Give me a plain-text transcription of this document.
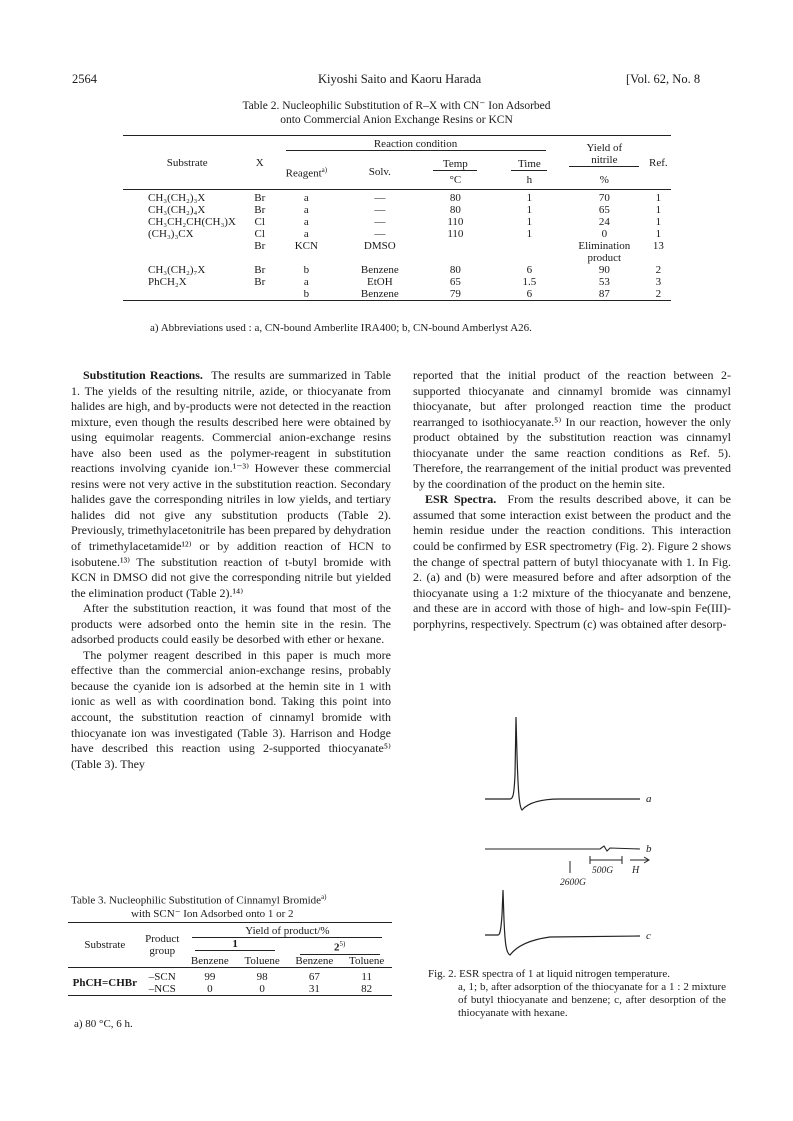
2564	Kiyoshi Saito and Kaoru Harada	[Vol. 62, No. 8
Table 2. Nucleophilic Substitution of R–X with CN⁻ Ion Adsorbed
onto Commercial Anion Exchange Resins or KCN
Substrate	X	Reaction condition				Yield of	Ref.
		Reagent$^{a)}$	Solv.	Temp	Time	nitrile	
				°C	h	%	

CH₃(CH₂)₃X	Br	a	—	80	1	70	1
CH₃(CH₂)₄X	Br	a	—	80	1	65	1
CH₃CH₂CH(CH₃)X	Cl	a	—	110	1	24	1
(CH₃)₃CX	Cl	a	—	110	1	0	1
	Br	KCN	DMSO			Elimination	13
						product	
CH₃(CH₂)₇X	Br	b	Benzene	80	6	90	2
PhCH₂X	Br	a	EtOH	65	1.5	53	3
		b	Benzene	79	6	87	2
a) Abbreviations used : a, CN-bound Amberlite IRA400; b, CN-bound Amberlyst A26.

Substitution Reactions. The results are summarized in Table 1. The yields of the resulting nitrile, azide, or thiocyanate from halides are high, and by-products were not detected in the reaction mixture, even though the results described here were obtained by using equimolar reagents. Commercial anion-exchange resins have also been used as the polymer-reagent in substitution reactions involving cyanide ion.¹⁻³⁾ However these commercial resins were not very active in the substitution reaction. Secondary halides gave the corresponding nitriles in low yields, and tertiary halides did not give any substitution products (Table 2). Previously, trimethylacetonitrile has been prepared by dehydration of trimethylacetamide¹²⁾ or by addition reaction of HCN to isobutene.¹³⁾ The substitution reaction of t-butyl bromide with KCN in DMSO did not give the corresponding nitrile but yielded the elimination product (Table 2).¹⁴⁾

After the substitution reaction, it was found that most of the products were adsorbed onto the hemin site in the resin. The adsorbed products could easily be desorbed with ether or hexane.

The polymer reagent described in this paper is much more effective than the commercial anion-exchange resins, probably because the cyanide ion is adsorbed at the hemin site in 1 with ionic as well as with coordination bond. Taking this point into account, the substitution reaction of cinnamyl bromide with thiocyanate ion was investigated (Table 3). Harrison and Hodge have described this reaction using 2-supported thiocyanate⁵⁾ (Table 3). They

reported that the initial product of the reaction between 2-supported thiocyanate and cinnamyl bromide was cinnamyl thiocyanate, but after prolonged reaction time the product rearranged to isothiocyanate.⁵⁾ In our reaction, however the only product obtained by the substitution reaction was cinnamyl thiocyanate under the same reaction conditions as Ref. 5). Therefore, the rearrangement of the initial product was prevented by the coordination of the product on the hemin site.

ESR Spectra. From the results described above, it can be assumed that some interaction exist between the product and the hemin residue under the reaction conditions. This interaction could be confirmed by ESR spectrometry (Fig. 2). Figure 2 shows the change of spectral pattern of butyl thiocyanate with 1. In Fig. 2. (a) and (b) were measured before and after adsorption of the thiocyanate using a 1:2 mixture of the thiocyanate and benzene, and these are in accord with those of high- and low-spin Fe(III)-porphyrins, respectively. Spectrum (c) was obtained after desorp-

Table 3. Nucleophilic Substitution of Cinnamyl Bromide$^{a)}$
with SCN⁻ Ion Adsorbed onto 1 or 2
Substrate	Product
group	Yield of product/%			
		1		2$^{5)}$
		Benzene	Toluene	Benzene	Toluene
PhCH=CHBr	–SCN	99	98	67	11
	–NCS	0	0	31	82
a) 80 °C, 6 h.
a
b
c
500G H
2600G
Fig. 2. ESR spectra of 1 at liquid nitrogen temperature.
a, 1; b, after adsorption of the thiocyanate for a 1 : 2 mixture of butyl thiocyanate and benzene; c, after desorption of the thiocyanate with hexane.
